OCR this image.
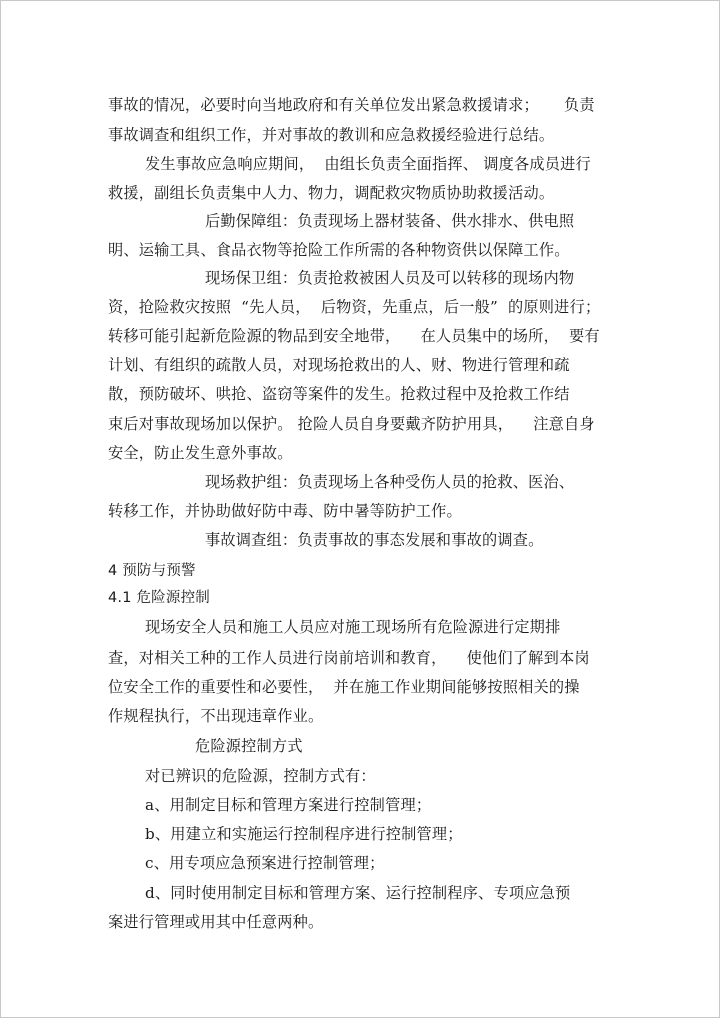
事故的情况，必要时向当地政府和有关单位发出紧急救援请求；     负责
事故调查和组织工作，并对事故的教训和应急救援经验进行总结。
发生事故应急响应期间，  由组长负责全面指挥、 调度各成员进行
救援，副组长负责集中人力、物力，调配救灾物质协助救援活动。
后勤保障组：负责现场上器材装备、供水排水、供电照
明、运输工具、食品衣物等抢险工作所需的各种物资供以保障工作。
现场保卫组：负责抢救被困人员及可以转移的现场内物
资，抢险救灾按照  “先人员，  后物资，先重点，后一般”  的原则进行；
转移可能引起新危险源的物品到安全地带，    在人员集中的场所，  要有
计划、有组织的疏散人员，对现场抢救出的人、财、物进行管理和疏
散，预防破坏、哄抢、盗窃等案件的发生。抢救过程中及抢救工作结
束后对事故现场加以保护。 抢险人员自身要戴齐防护用具，    注意自身
安全，防止发生意外事故。
现场救护组：负责现场上各种受伤人员的抢救、医治、
转移工作，并协助做好防中毒、防中暑等防护工作。
事故调查组：负责事故的事态发展和事故的调查。
4 预防与预警
4.1 危险源控制
现场安全人员和施工人员应对施工现场所有危险源进行定期排
查，对相关工种的工作人员进行岗前培训和教育，    使他们了解到本岗
位安全工作的重要性和必要性，  并在施工作业期间能够按照相关的操
作规程执行，不出现违章作业。
危险源控制方式
对已辨识的危险源，控制方式有：
a、用制定目标和管理方案进行控制管理；
b、用建立和实施运行控制程序进行控制管理；
c、用专项应急预案进行控制管理；
d、同时使用制定目标和管理方案、运行控制程序、专项应急预
案进行管理或用其中任意两种。
